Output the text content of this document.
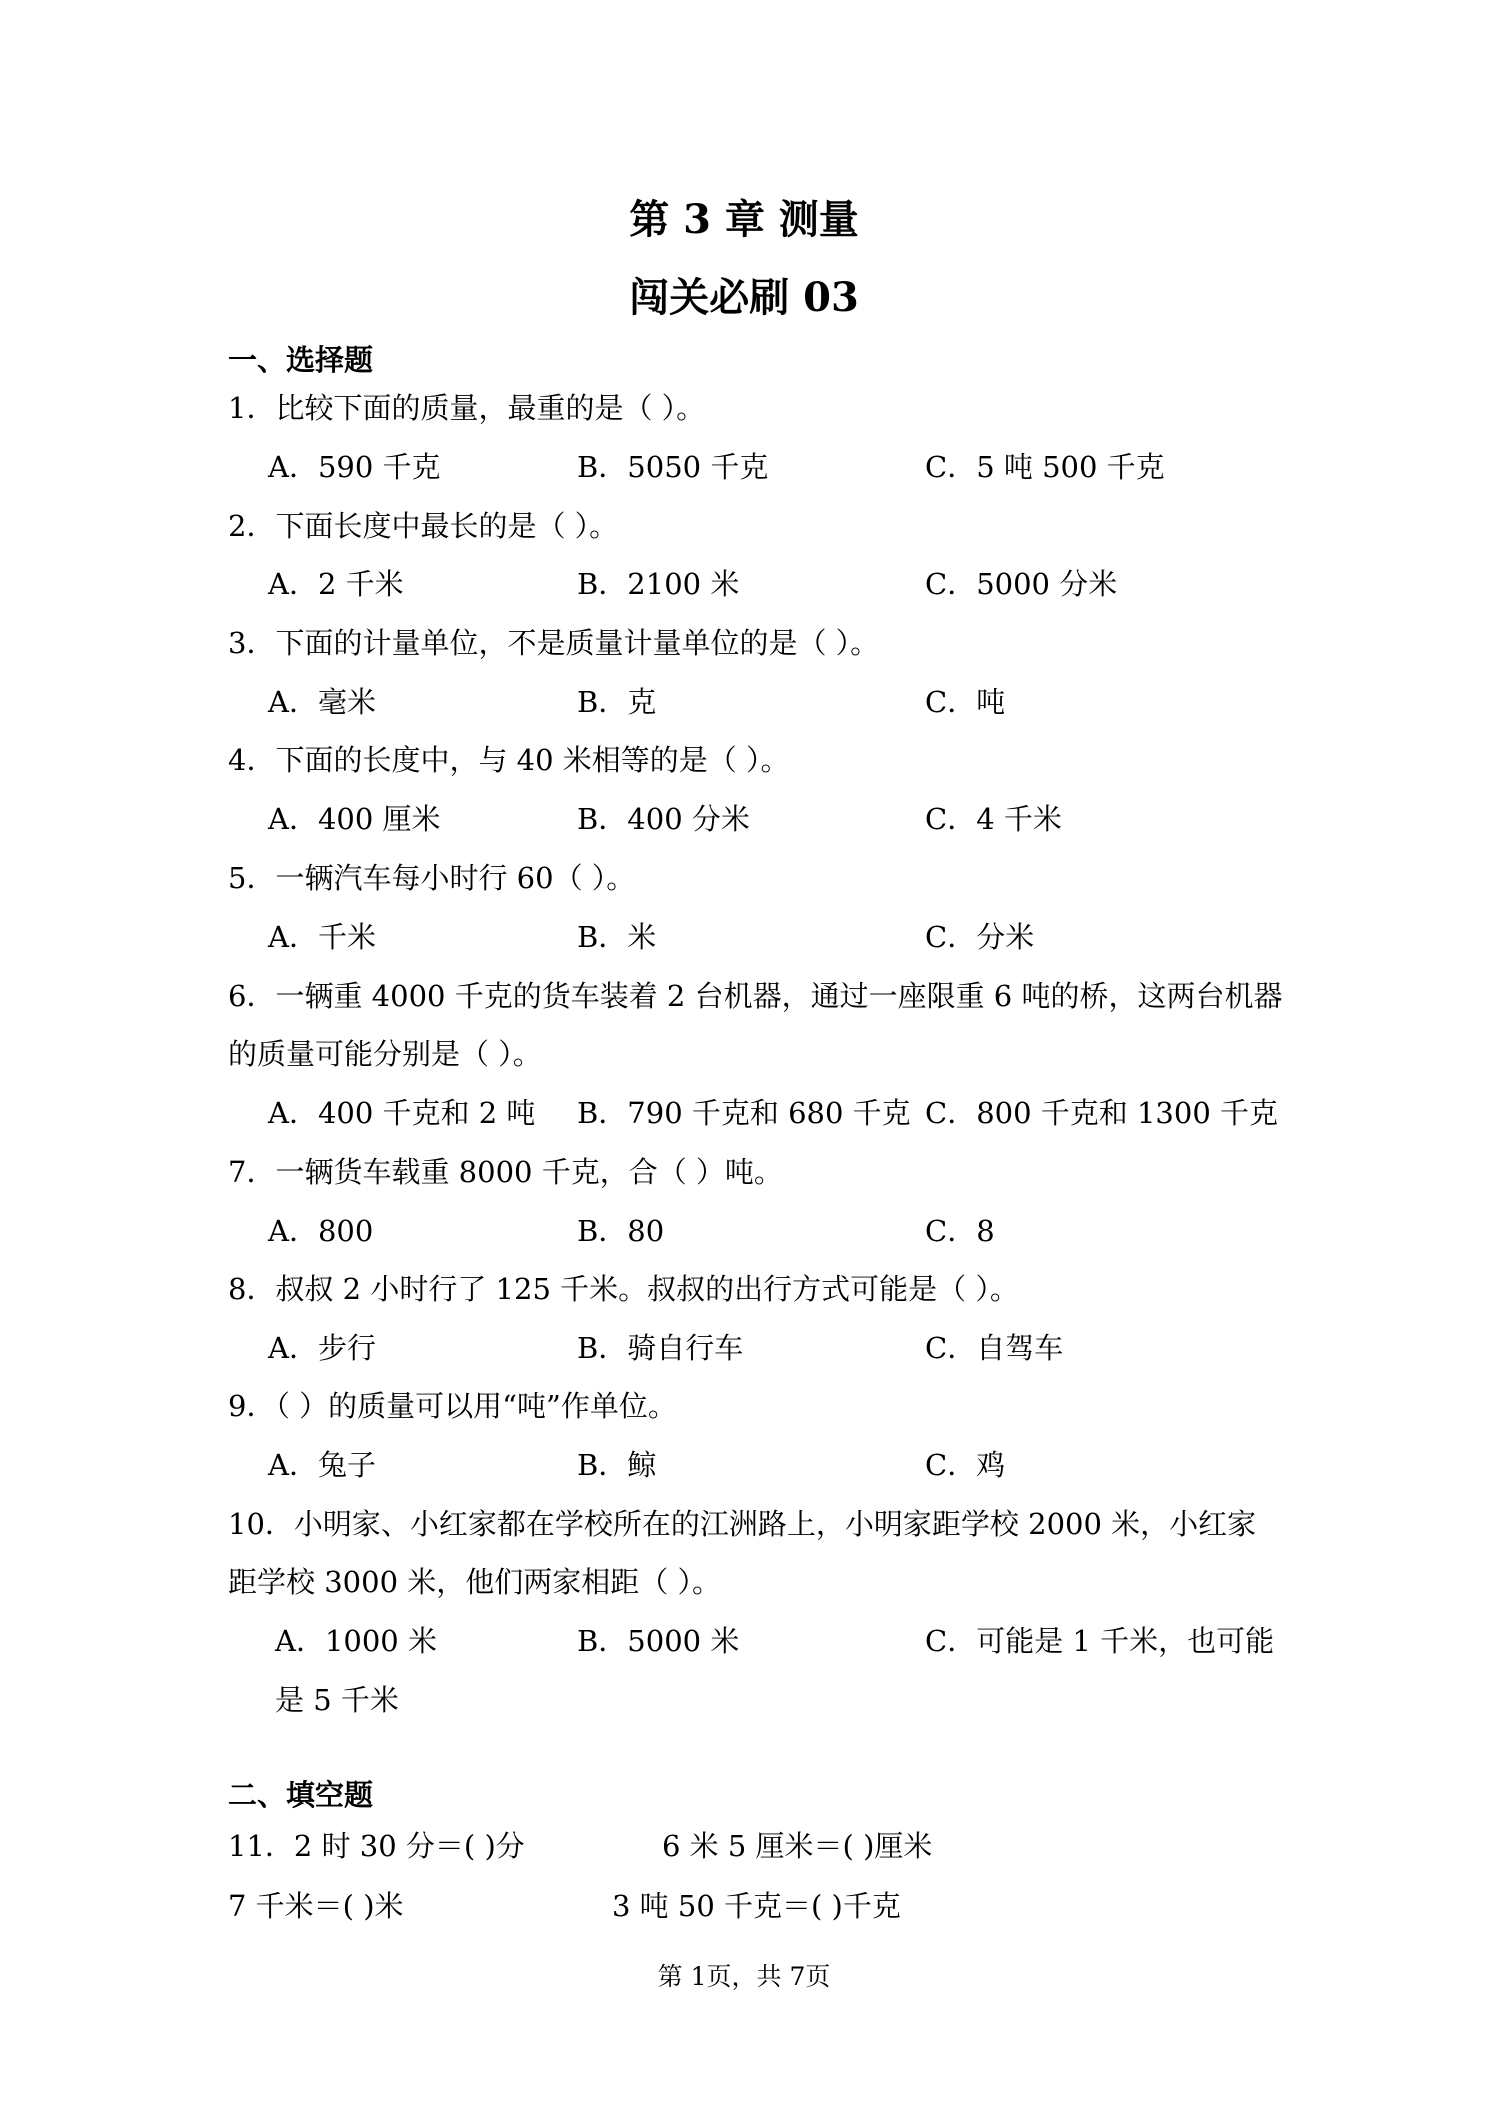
第 3 章 测量
闯关必刷 03
一、选择题
1．比较下面的质量，最重的是（ ）。
A．590 千克	B．5050 千克	C．5 吨 500 千克
2．下面长度中最长的是（ ）。
A．2 千米	B．2100 米	C．5000 分米
3．下面的计量单位，不是质量计量单位的是（ ）。
A．毫米	B．克	C．吨
4．下面的长度中，与 40 米相等的是（ ）。
A．400 厘米	B．400 分米	C．4 千米
5．一辆汽车每小时行 60（ ）。
A．千米	B．米	C．分米
6．一辆重 4000 千克的货车装着 2 台机器，通过一座限重 6 吨的桥，这两台机器
的质量可能分别是（ ）。
A．400 千克和 2 吨 B．790 千克和 680 千克 C．800 千克和 1300 千克
7．一辆货车载重 8000 千克，合（ ）吨。
A．800	B．80	C．8
8．叔叔 2 小时行了 125 千米。叔叔的出行方式可能是（ ）。
A．步行	B．骑自行车	C．自驾车
9．（ ）的质量可以用“吨”作单位。
A．兔子	B．鲸	C．鸡
10．小明家、小红家都在学校所在的江洲路上，小明家距学校 2000 米，小红家
距学校 3000 米，他们两家相距（ ）。
A．1000 米	B．5000 米	C．可能是 1 千米，也可能
是 5 千米
二、填空题
11．2 时 30 分＝( )分	6 米 5 厘米＝( )厘米
7 千米＝( )米	3 吨 50 千克＝( )千克
第 1页，共 7页
